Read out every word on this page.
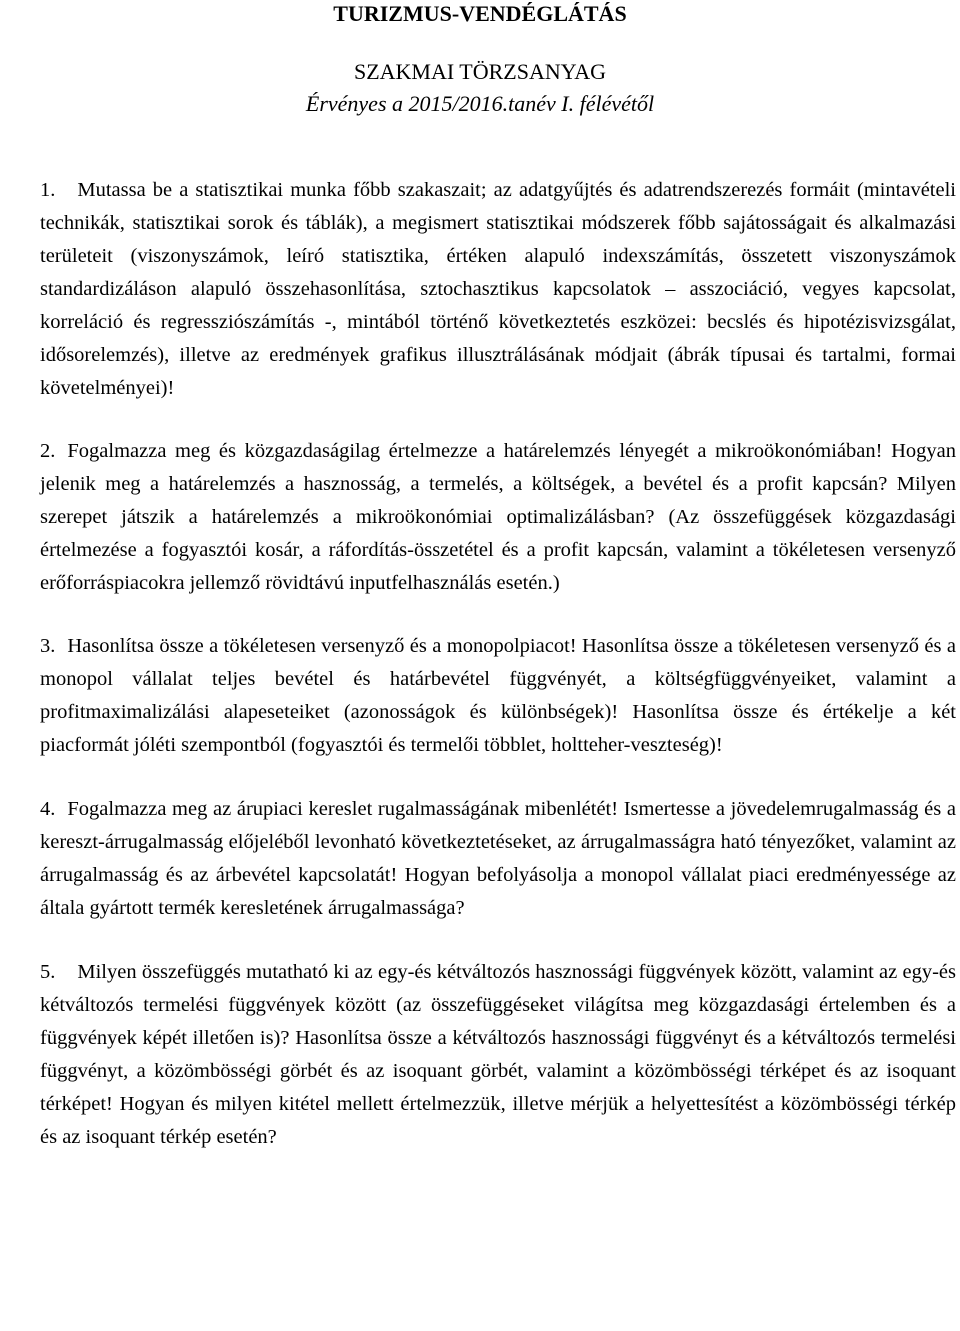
TURIZMUS-VENDÉGLÁTÁS
SZAKMAI TÖRZSANYAG
Érvényes a 2015/2016.tanév I. félévétől
1. Mutassa be a statisztikai munka főbb szakaszait; az adatgyűjtés és adatrendszerezés formáit (mintavételi technikák, statisztikai sorok és táblák), a megismert statisztikai módszerek főbb sajátosságait és alkalmazási területeit (viszonyszámok, leíró statisztika, értéken alapuló indexszámítás, összetett viszonyszámok standardizáláson alapuló összehasonlítása, sztochasztikus kapcsolatok – asszociáció, vegyes kapcsolat, korreláció és regressziószámítás -, mintából történő következtetés eszközei: becslés és hipotézisvizsgálat, idősorelemzés), illetve az eredmények grafikus illusztrálásának módjait (ábrák típusai és tartalmi, formai követelményei)!
2. Fogalmazza meg és közgazdaságilag értelmezze a határelemzés lényegét a mikroökonómiában! Hogyan jelenik meg a határelemzés a hasznosság, a termelés, a költségek, a bevétel és a profit kapcsán? Milyen szerepet játszik a határelemzés a mikroökonómiai optimalizálásban? (Az összefüggések közgazdasági értelmezése a fogyasztói kosár, a ráfordítás-összetétel és a profit kapcsán, valamint a tökéletesen versenyző erőforráspiacokra jellemző rövidtávú inputfelhasználás esetén.)
3. Hasonlítsa össze a tökéletesen versenyző és a monopolpiacot! Hasonlítsa össze a tökéletesen versenyző és a monopol vállalat teljes bevétel és határbevétel függvényét, a költségfüggvényeiket, valamint a profitmaximalizálási alapeseteiket (azonosságok és különbségek)! Hasonlítsa össze és értékelje a két piacformát jóléti szempontból (fogyasztói és termelői többlet, holtteher-veszteség)!
4. Fogalmazza meg az árupiaci kereslet rugalmasságának mibenlétét! Ismertesse a jövedelemrugalmasság és a kereszt-árrugalmasság előjeléből levonható következtetéseket, az árrugalmasságra ható tényezőket, valamint az árrugalmasság és az árbevétel kapcsolatát! Hogyan befolyásolja a monopol vállalat piaci eredményessége az általa gyártott termék keresletének árrugalmassága?
5. Milyen összefüggés mutatható ki az egy-és kétváltozós hasznossági függvények között, valamint az egy-és kétváltozós termelési függvények között (az összefüggéseket világítsa meg közgazdasági értelemben és a függvények képét illetően is)? Hasonlítsa össze a kétváltozós hasznossági függvényt és a kétváltozós termelési függvényt, a közömbösségi görbét és az isoquant görbét, valamint a közömbösségi térképet és az isoquant térképet! Hogyan és milyen kitétel mellett értelmezzük, illetve mérjük a helyettesítést a közömbösségi térkép és az isoquant térkép esetén?
